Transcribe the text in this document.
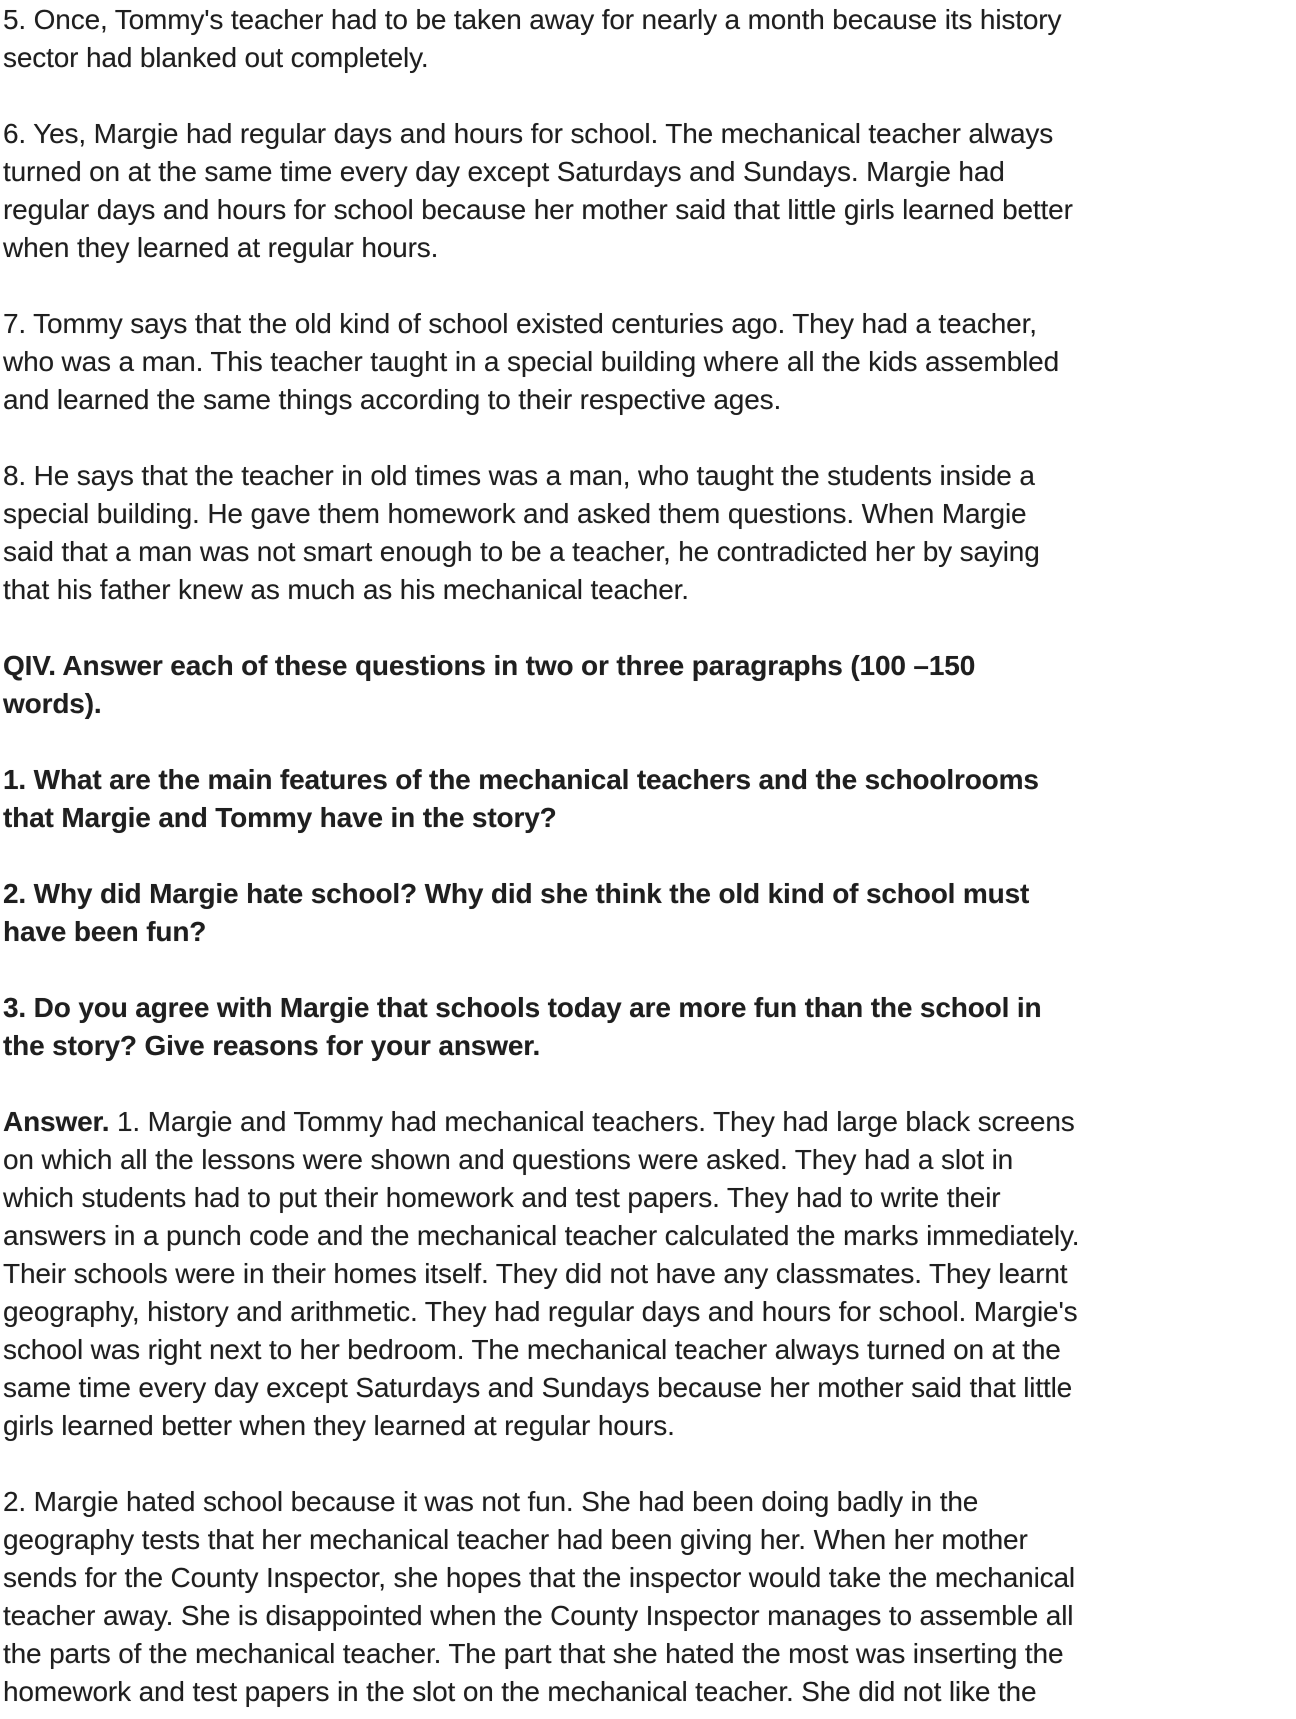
5. Once, Tommy's teacher had to be taken away for nearly a month because its history
sector had blanked out completely.

6. Yes, Margie had regular days and hours for school. The mechanical teacher always
turned on at the same time every day except Saturdays and Sundays. Margie had
regular days and hours for school because her mother said that little girls learned better
when they learned at regular hours.

7. Tommy says that the old kind of school existed centuries ago. They had a teacher,
who was a man. This teacher taught in a special building where all the kids assembled
and learned the same things according to their respective ages.

8. He says that the teacher in old times was a man, who taught the students inside a
special building. He gave them homework and asked them questions. When Margie
said that a man was not smart enough to be a teacher, he contradicted her by saying
that his father knew as much as his mechanical teacher.

QIV. Answer each of these questions in two or three paragraphs (100 –150
words).

1. What are the main features of the mechanical teachers and the schoolrooms
that Margie and Tommy have in the story?

2. Why did Margie hate school? Why did she think the old kind of school must
have been fun?

3. Do you agree with Margie that schools today are more fun than the school in
the story? Give reasons for your answer.

Answer. 1. Margie and Tommy had mechanical teachers. They had large black screens
on which all the lessons were shown and questions were asked. They had a slot in
which students had to put their homework and test papers. They had to write their
answers in a punch code and the mechanical teacher calculated the marks immediately.
Their schools were in their homes itself. They did not have any classmates. They learnt
geography, history and arithmetic. They had regular days and hours for school. Margie's
school was right next to her bedroom. The mechanical teacher always turned on at the
same time every day except Saturdays and Sundays because her mother said that little
girls learned better when they learned at regular hours.

2. Margie hated school because it was not fun. She had been doing badly in the
geography tests that her mechanical teacher had been giving her. When her mother
sends for the County Inspector, she hopes that the inspector would take the mechanical
teacher away. She is disappointed when the County Inspector manages to assemble all
the parts of the mechanical teacher. The part that she hated the most was inserting the
homework and test papers in the slot on the mechanical teacher. She did not like the
